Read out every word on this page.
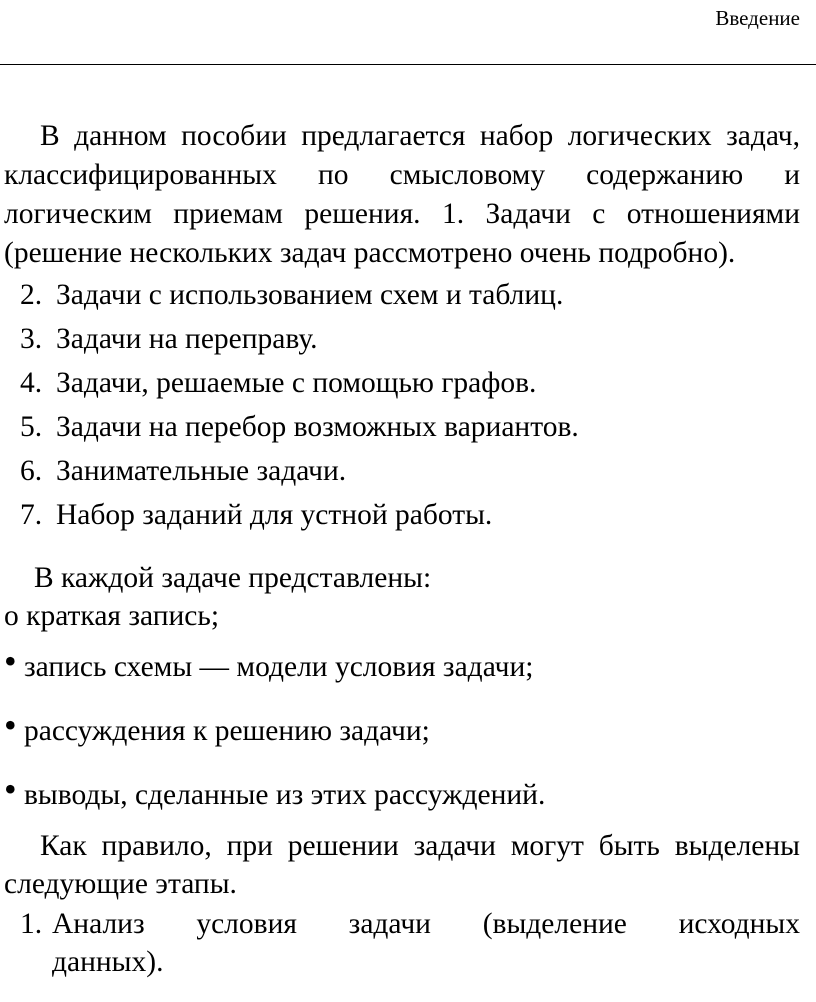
Введение

В данном пособии предлагается набор логических задач, классифицированных по смысловому содержанию и логическим приемам решения. 1. Задачи с отношениями (решение нескольких задач рассмотрено очень подробно).

2. Задачи с использованием схем и таблиц.
3. Задачи на переправу.
4. Задачи, решаемые с помощью графов.
5. Задачи на перебор возможных вариантов.
6. Занимательные задачи.
7. Набор заданий для устной работы.

В каждой задаче представлены:

о краткая запись;

• запись схемы — модели условия задачи;

• рассуждения к решению задачи;

• выводы, сделанные из этих рассуждений.

Как правило, при решении задачи могут быть выделены следующие этапы.

1. Анализ условия задачи (выделение исходных данных).
